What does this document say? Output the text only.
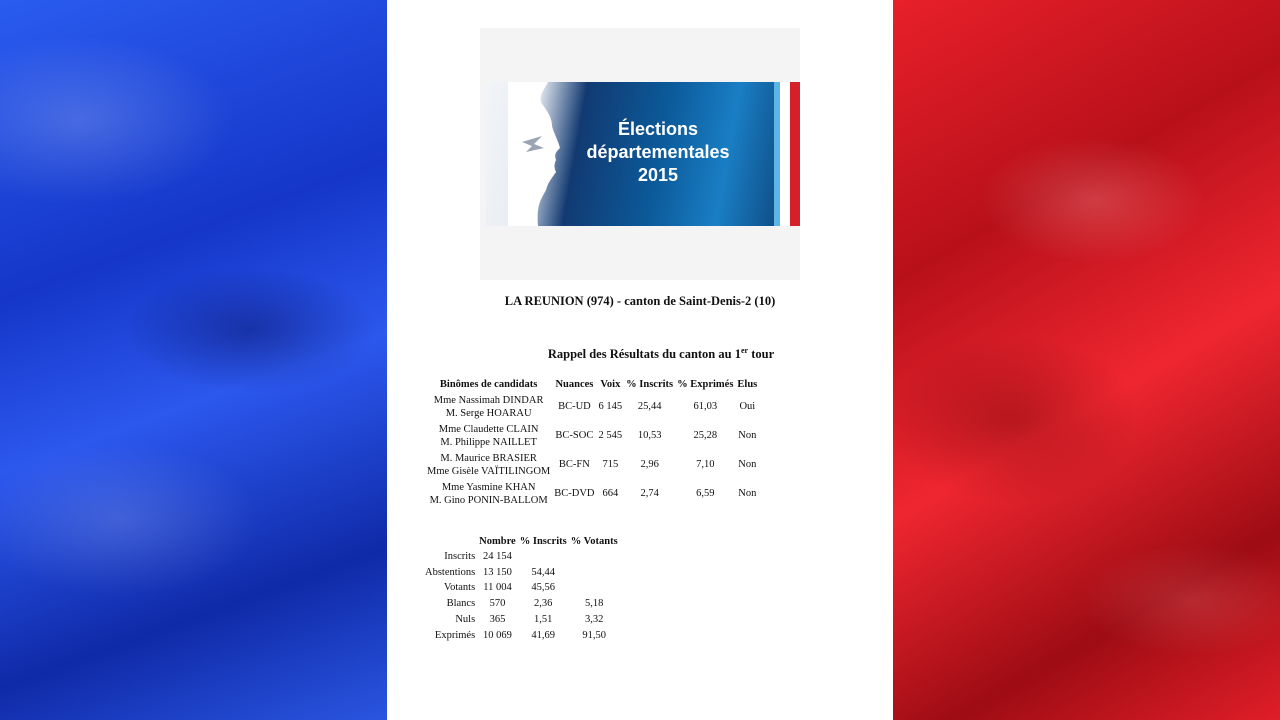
Élections
départementales
2015
LA REUNION (974) - canton de Saint-Denis-2 (10)
Rappel des Résultats du canton au 1er tour
Binômes de candidats	Nuances	Voix	% Inscrits	% Exprimés	Elus

Mme Nassimah DINDAR
M. Serge HOARAU	BC-UD	6 145	25,44	61,03	Oui

Mme Claudette CLAIN
M. Philippe NAILLET	BC-SOC	2 545	10,53	25,28	Non

M. Maurice BRASIER
Mme Gisèle VAÏTILINGOM	BC-FN	715	2,96	7,10	Non

Mme Yasmine KHAN
M. Gino PONIN-BALLOM	BC-DVD	664	2,74	6,59	Non
	Nombre	% Inscrits	% Votants
Inscrits	24 154		
Abstentions	13 150	54,44	
Votants	11 004	45,56	
Blancs	570	2,36	5,18
Nuls	365	1,51	3,32
Exprimés	10 069	41,69	91,50
